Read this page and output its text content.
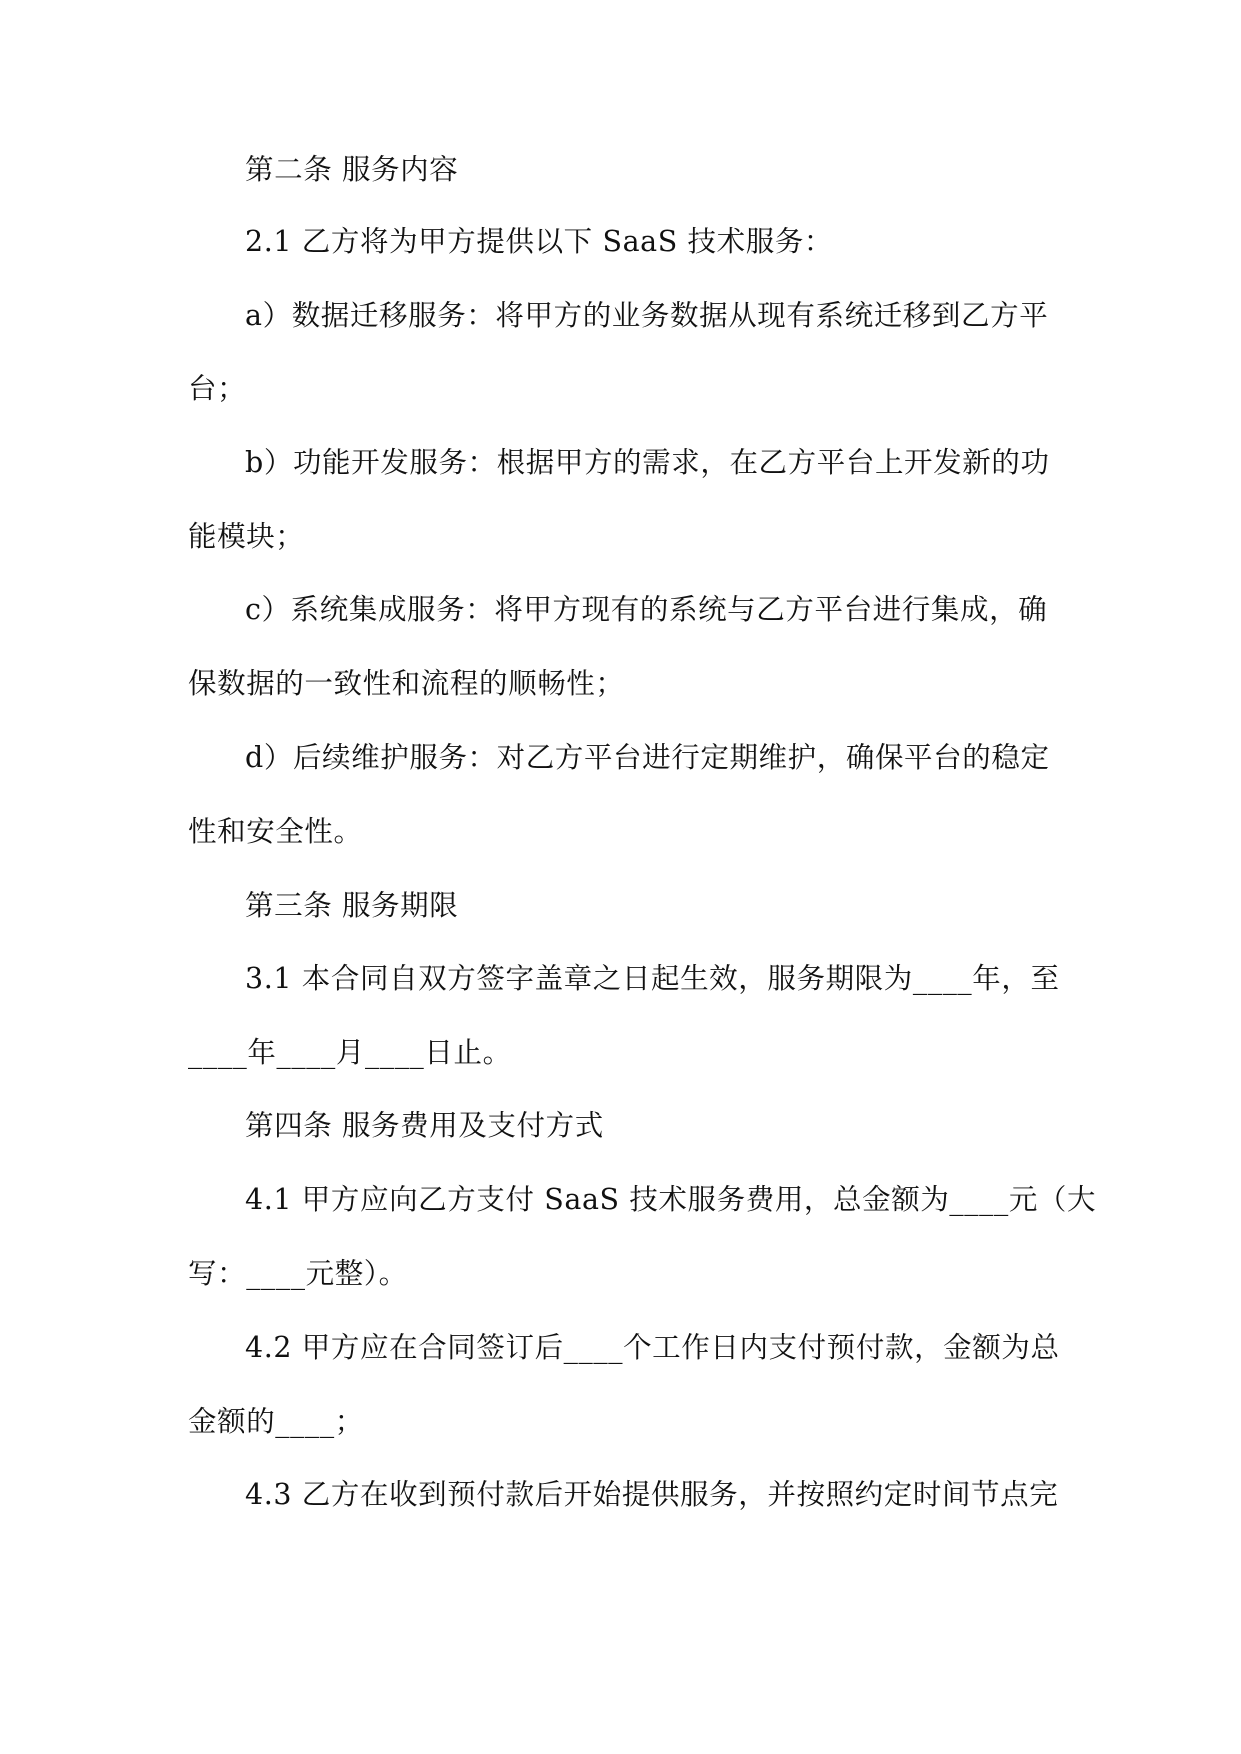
第二条 服务内容
2.1 乙方将为甲方提供以下 SaaS 技术服务：
a）数据迁移服务：将甲方的业务数据从现有系统迁移到乙方平
台；
b）功能开发服务：根据甲方的需求，在乙方平台上开发新的功
能模块；
c）系统集成服务：将甲方现有的系统与乙方平台进行集成，确
保数据的一致性和流程的顺畅性；
d）后续维护服务：对乙方平台进行定期维护，确保平台的稳定
性和安全性。
第三条 服务期限
3.1 本合同自双方签字盖章之日起生效，服务期限为____年，至
____年____月____日止。
第四条 服务费用及支付方式
4.1 甲方应向乙方支付 SaaS 技术服务费用，总金额为____元（大
写：____元整）。
4.2 甲方应在合同签订后____个工作日内支付预付款，金额为总
金额的____；
4.3 乙方在收到预付款后开始提供服务，并按照约定时间节点完
